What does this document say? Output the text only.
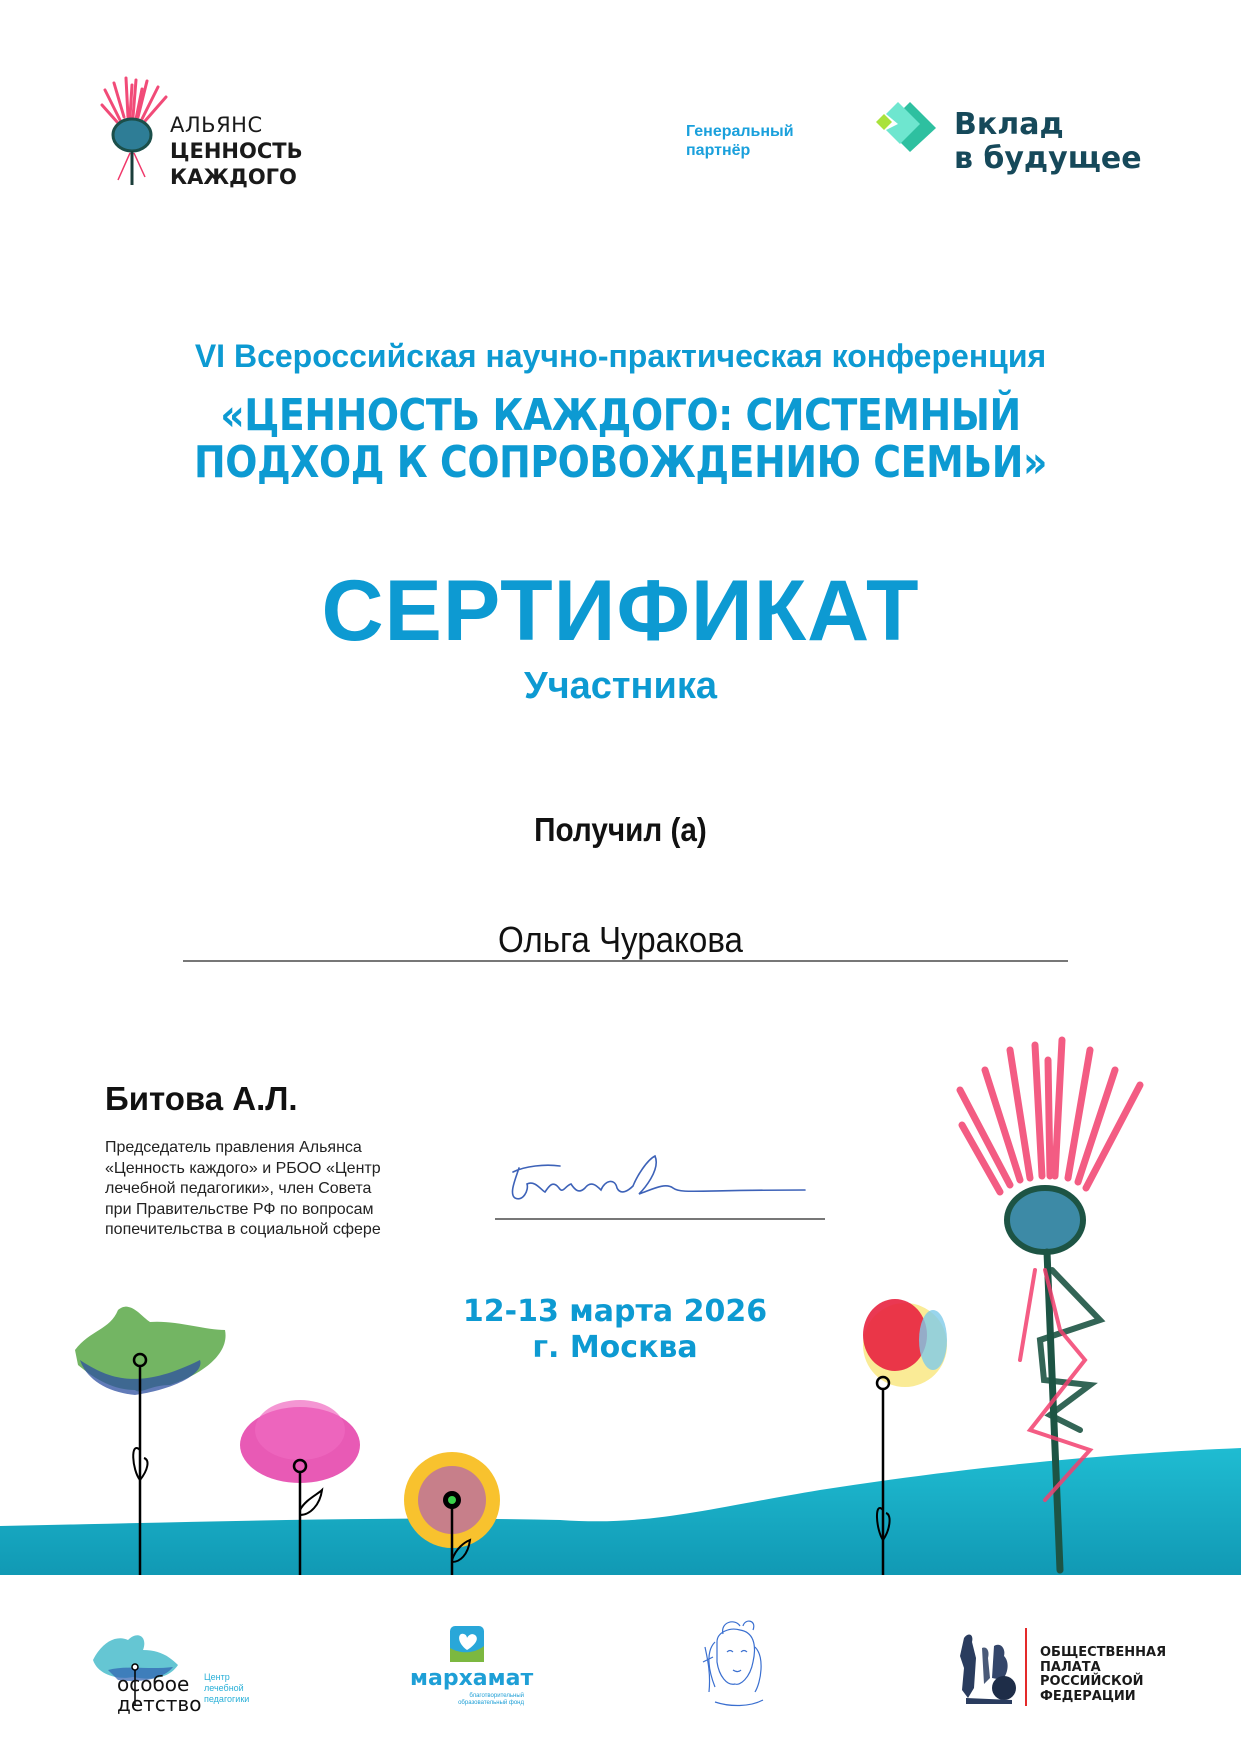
АЛЬЯНС
ЦЕННОСТЬ
КАЖДОГО
Генеральный
партнёр
Вклад
в будущее
VI Всероссийская научно-практическая конференция
«ЦЕННОСТЬ КАЖДОГО: СИСТЕМНЫЙ
ПОДХОД К СОПРОВОЖДЕНИЮ СЕМЬИ»
СЕРТИФИКАТ
Участника
Получил (а)
Ольга Чуракова
Битова А.Л.
Председатель правления Альянса
«Ценность каждого» и РБОО «Центр
лечебной педагогики», член Совета
при Правительстве РФ по вопросам
попечительства в социальной сфере
12-13 марта 2026
г. Москва
особое
детство
Центр
лечебной
педагогики
мархамат
благотворительный
образовательный фонд
ОБЩЕСТВЕННАЯ
ПАЛАТА
РОССИЙСКОЙ
ФЕДЕРАЦИИ
